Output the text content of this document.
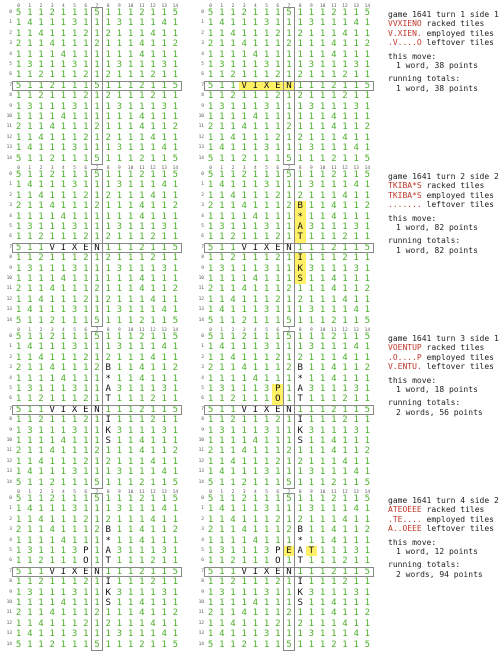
0	1	2	3	4	5	6	7	8	9	10	11	12	13	14
0 5 1 1 2 1 1 1 5 1 1 1 2 1 1 5
1 1 4 1 1 1 3 1 1 1 3 1 1 1 4 1
2 1 1 4 1 1 1 2 1 2 1 1 1 4 1 1
3 2 1 1 4 1 1 1 2 1 1 1 4 1 1 2
4 1 1 1 1 4 1 1 1 1 1 1 4 1 1 1
5 1 3 1 1 1 3 1 1 1 3 1 1 1 3 1
6 1 1 2 1 1 1 2 1 2 1 1 1 2 1 1
7 5 1 1 2 1 1 1 5 1 1 1 2 1 1 5
8 1 1 2 1 1 1 2 1 2 1 1 1 2 1 1
9 1 3 1 1 1 3 1 1 1 3 1 1 1 3 1
10 1 1 1 1 4 1 1 1 1 1 1 4 1 1 1
11 2 1 1 4 1 1 1 2 1 1 1 4 1 1 2
12 1 1 4 1 1 1 2 1 2 1 1 1 4 1 1
13 1 4 1 1 1 3 1 1 1 3 1 1 1 4 1
14 5 1 1 2 1 1 1 5 1 1 1 2 1 1 5
0	1	2	3	4	5	6	7	8	9	10	11	12	13	14
0 5 1 1 2 1 1 1 5 1 1 1 2 1 1 5
1 1 4 1 1 1 3 1 1 1 3 1 1 1 4 1
2 1 1 4 1 1 1 2 1 2 1 1 1 4 1 1
3 2 1 1 4 1 1 1 2 1 1 1 4 1 1 2
4 1 1 1 1 4 1 1 1 1 1 1 4 1 1 1
5 1 3 1 1 1 3 1 1 1 3 1 1 1 3 1
6 1 1 2 1 1 1 2 1 2 1 1 1 2 1 1
7 5 1 1 V I X E N 1 1 1 2 1 1 5
8 1 1 2 1 1 1 2 1 2 1 1 1 2 1 1
9 1 3 1 1 1 3 1 1 1 3 1 1 1 3 1
10 1 1 1 1 4 1 1 1 1 1 1 4 1 1 1
11 2 1 1 4 1 1 1 2 1 1 1 4 1 1 2
12 1 1 4 1 1 1 2 1 2 1 1 1 4 1 1
13 1 4 1 1 1 3 1 1 1 3 1 1 1 4 1
14 5 1 1 2 1 1 1 5 1 1 1 2 1 1 5
game 1641 turn 1 side 1
VVXIENO racked tiles
V.XIEN. employed tiles
.V....O leftover tiles
this move:
1 word, 38 points
running totals:
1 word, 38 points
0	1	2	3	4	5	6	7	8	9	10	11	12	13	14
0 5 1 1 2 1 1 1 5 1 1 1 2 1 1 5
1 1 4 1 1 1 3 1 1 1 3 1 1 1 4 1
2 1 1 4 1 1 1 2 1 2 1 1 1 4 1 1
3 2 1 1 4 1 1 1 2 1 1 1 4 1 1 2
4 1 1 1 1 4 1 1 1 1 1 1 4 1 1 1
5 1 3 1 1 1 3 1 1 1 3 1 1 1 3 1
6 1 1 2 1 1 1 2 1 2 1 1 1 2 1 1
7 5 1 1 V I X E N 1 1 1 2 1 1 5
8 1 1 2 1 1 1 2 1 2 1 1 1 2 1 1
9 1 3 1 1 1 3 1 1 1 3 1 1 1 3 1
10 1 1 1 1 4 1 1 1 1 1 1 4 1 1 1
11 2 1 1 4 1 1 1 2 1 1 1 4 1 1 2
12 1 1 4 1 1 1 2 1 2 1 1 1 4 1 1
13 1 4 1 1 1 3 1 1 1 3 1 1 1 4 1
14 5 1 1 2 1 1 1 5 1 1 1 2 1 1 5
0	1	2	3	4	5	6	7	8	9	10	11	12	13	14
0 5 1 1 2 1 1 1 5 1 1 1 2 1 1 5
1 1 4 1 1 1 3 1 1 1 3 1 1 1 4 1
2 1 1 4 1 1 1 2 1 2 1 1 1 4 1 1
3 2 1 1 4 1 1 1 2 B 1 1 4 1 1 2
4 1 1 1 1 4 1 1 1 * 1 1 4 1 1 1
5 1 3 1 1 1 3 1 1 A 3 1 1 1 3 1
6 1 1 2 1 1 1 2 1 T 1 1 1 2 1 1
7 5 1 1 V I X E N 1 1 1 2 1 1 5
8 1 1 2 1 1 1 2 1 I 1 1 1 2 1 1
9 1 3 1 1 1 3 1 1 K 3 1 1 1 3 1
10 1 1 1 1 4 1 1 1 S 1 1 4 1 1 1
11 2 1 1 4 1 1 1 2 1 1 1 4 1 1 2
12 1 1 4 1 1 1 2 1 2 1 1 1 4 1 1
13 1 4 1 1 1 3 1 1 1 3 1 1 1 4 1
14 5 1 1 2 1 1 1 5 1 1 1 2 1 1 5
game 1641 turn 2 side 2
TKIBA*S racked tiles
TKIBA*S employed tiles
....... leftover tiles
this move:
1 word, 82 points
running totals:
1 word, 82 points
0	1	2	3	4	5	6	7	8	9	10	11	12	13	14
0 5 1 1 2 1 1 1 5 1 1 1 2 1 1 5
1 1 4 1 1 1 3 1 1 1 3 1 1 1 4 1
2 1 1 4 1 1 1 2 1 2 1 1 1 4 1 1
3 2 1 1 4 1 1 1 2 B 1 1 4 1 1 2
4 1 1 1 1 4 1 1 1 * 1 1 4 1 1 1
5 1 3 1 1 1 3 1 1 A 3 1 1 1 3 1
6 1 1 2 1 1 1 2 1 T 1 1 1 2 1 1
7 5 1 1 V I X E N 1 1 1 2 1 1 5
8 1 1 2 1 1 1 2 1 I 1 1 1 2 1 1
9 1 3 1 1 1 3 1 1 K 3 1 1 1 3 1
10 1 1 1 1 4 1 1 1 S 1 1 4 1 1 1
11 2 1 1 4 1 1 1 2 1 1 1 4 1 1 2
12 1 1 4 1 1 1 2 1 2 1 1 1 4 1 1
13 1 4 1 1 1 3 1 1 1 3 1 1 1 4 1
14 5 1 1 2 1 1 1 5 1 1 1 2 1 1 5
0	1	2	3	4	5	6	7	8	9	10	11	12	13	14
0 5 1 1 2 1 1 1 5 1 1 1 2 1 1 5
1 1 4 1 1 1 3 1 1 1 3 1 1 1 4 1
2 1 1 4 1 1 1 2 1 2 1 1 1 4 1 1
3 2 1 1 4 1 1 1 2 B 1 1 4 1 1 2
4 1 1 1 1 4 1 1 1 * 1 1 4 1 1 1
5 1 3 1 1 1 3 P 1 A 3 1 1 1 3 1
6 1 1 2 1 1 1 O 1 T 1 1 1 2 1 1
7 5 1 1 V I X E N 1 1 1 2 1 1 5
8 1 1 2 1 1 1 2 1 I 1 1 1 2 1 1
9 1 3 1 1 1 3 1 1 K 3 1 1 1 3 1
10 1 1 1 1 4 1 1 1 S 1 1 4 1 1 1
11 2 1 1 4 1 1 1 2 1 1 1 4 1 1 2
12 1 1 4 1 1 1 2 1 2 1 1 1 4 1 1
13 1 4 1 1 1 3 1 1 1 3 1 1 1 4 1
14 5 1 1 2 1 1 1 5 1 1 1 2 1 1 5
game 1641 turn 3 side 1
VOENTUP racked tiles
.O....P employed tiles
V.ENTU. leftover tiles
this move:
1 word, 18 points
running totals:
2 words, 56 points
0	1	2	3	4	5	6	7	8	9	10	11	12	13	14
0 5 1 1 2 1 1 1 5 1 1 1 2 1 1 5
1 1 4 1 1 1 3 1 1 1 3 1 1 1 4 1
2 1 1 4 1 1 1 2 1 2 1 1 1 4 1 1
3 2 1 1 4 1 1 1 2 B 1 1 4 1 1 2
4 1 1 1 1 4 1 1 1 * 1 1 4 1 1 1
5 1 3 1 1 1 3 P 1 A 3 1 1 1 3 1
6 1 1 2 1 1 1 O 1 T 1 1 1 2 1 1
7 5 1 1 V I X E N 1 1 1 2 1 1 5
8 1 1 2 1 1 1 2 1 I 1 1 1 2 1 1
9 1 3 1 1 1 3 1 1 K 3 1 1 1 3 1
10 1 1 1 1 4 1 1 1 S 1 1 4 1 1 1
11 2 1 1 4 1 1 1 2 1 1 1 4 1 1 2
12 1 1 4 1 1 1 2 1 2 1 1 1 4 1 1
13 1 4 1 1 1 3 1 1 1 3 1 1 1 4 1
14 5 1 1 2 1 1 1 5 1 1 1 2 1 1 5
0	1	2	3	4	5	6	7	8	9	10	11	12	13	14
0 5 1 1 2 1 1 1 5 1 1 1 2 1 1 5
1 1 4 1 1 1 3 1 1 1 3 1 1 1 4 1
2 1 1 4 1 1 1 2 1 2 1 1 1 4 1 1
3 2 1 1 4 1 1 1 2 B 1 1 4 1 1 2
4 1 1 1 1 4 1 1 1 * 1 1 4 1 1 1
5 1 3 1 1 1 3 P E A T 1 1 1 3 1
6 1 1 2 1 1 1 O 1 T 1 1 1 2 1 1
7 5 1 1 V I X E N 1 1 1 2 1 1 5
8 1 1 2 1 1 1 2 1 I 1 1 1 2 1 1
9 1 3 1 1 1 3 1 1 K 3 1 1 1 3 1
10 1 1 1 1 4 1 1 1 S 1 1 4 1 1 1
11 2 1 1 4 1 1 1 2 1 1 1 4 1 1 2
12 1 1 4 1 1 1 2 1 2 1 1 1 4 1 1
13 1 4 1 1 1 3 1 1 1 3 1 1 1 4 1
14 5 1 1 2 1 1 1 5 1 1 1 2 1 1 5
game 1641 turn 4 side 2
ATEOEEE racked tiles
.TE.... employed tiles
A..OEEE leftover tiles
this move:
1 word, 12 points
running totals:
2 words, 94 points
